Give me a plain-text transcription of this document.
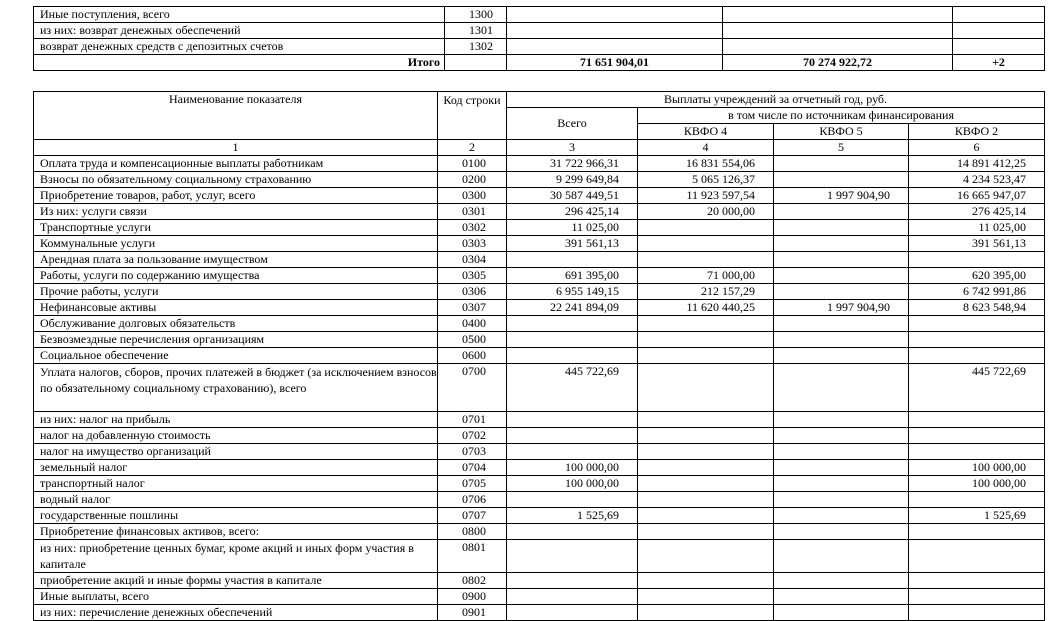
Иные поступления, всего	1300			
из них: возврат денежных обеспечений	1301			
возврат денежных средств с депозитных счетов	1302			
Итого		71 651 904,01	70 274 922,72	+2
Наименование показателя	Код строки	Выплаты учреждений за отчетный год, руб.			
		Всего	в том числе по источникам финансирования		
			КВФО 4	КВФО 5	КВФО 2
1	2	3	4	5	6
Оплата труда и компенсационные выплаты работникам	0100	31 722 966,31	16 831 554,06		14 891 412,25
Взносы по обязательному социальному страхованию	0200	9 299 649,84	5 065 126,37		4 234 523,47
Приобретение товаров, работ, услуг, всего	0300	30 587 449,51	11 923 597,54	1 997 904,90	16 665 947,07
Из них: услуги связи	0301	296 425,14	20 000,00		276 425,14
Транспортные услуги	0302	11 025,00			11 025,00
Коммунальные услуги	0303	391 561,13			391 561,13
Арендная плата за пользование имуществом	0304				
Работы, услуги по содержанию имущества	0305	691 395,00	71 000,00		620 395,00
Прочие работы, услуги	0306	6 955 149,15	212 157,29		6 742 991,86
Нефинансовые активы	0307	22 241 894,09	11 620 440,25	1 997 904,90	8 623 548,94
Обслуживание долговых обязательств	0400				
Безвозмездные перечисления организациям	0500				
Социальное обеспечение	0600				
Уплата налогов, сборов, прочих платежей в бюджет (за исключением взносов по обязательному социальному страхованию), всего	0700	445 722,69			445 722,69
из них: налог на прибыль	0701				
налог на добавленную стоимость	0702				
налог на имущество организаций	0703				
земельный налог	0704	100 000,00			100 000,00
транспортный налог	0705	100 000,00			100 000,00
водный налог	0706				
государственные пошлины	0707	1 525,69			1 525,69
Приобретение финансовых активов, всего:	0800				
из них: приобретение ценных бумаг, кроме акций и иных форм участия в капитале	0801				
приобретение акций и иные формы участия в капитале	0802				
Иные выплаты, всего	0900				
из них: перечисление денежных обеспечений	0901				
